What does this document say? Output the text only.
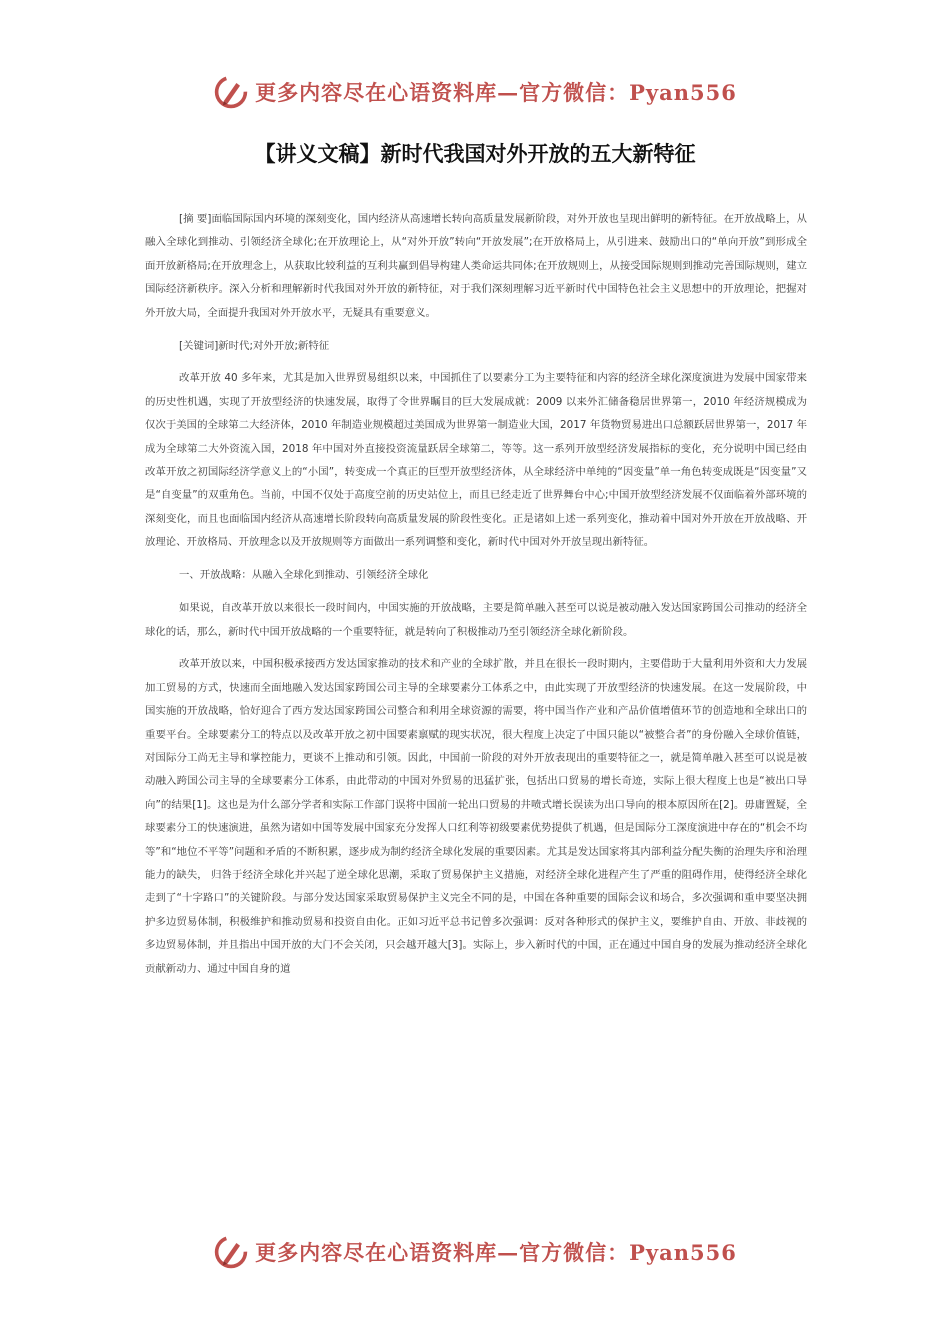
更多内容尽在心语资料库—官方微信：Pyan556
【讲义文稿】新时代我国对外开放的五大新特征

[摘 要]面临国际国内环境的深刻变化，国内经济从高速增长转向高质量发展新阶段，对外开放也呈现出鲜明的新特征。在开放战略上，从融入全球化到推动、引领经济全球化;在开放理论上，从“对外开放”转向“开放发展”;在开放格局上，从引进来、鼓励出口的“单向开放”到形成全面开放新格局;在开放理念上，从获取比较利益的互利共赢到倡导构建人类命运共同体;在开放规则上，从接受国际规则到推动完善国际规则，建立国际经济新秩序。深入分析和理解新时代我国对外开放的新特征，对于我们深刻理解习近平新时代中国特色社会主义思想中的开放理论，把握对外开放大局，全面提升我国对外开放水平，无疑具有重要意义。

[关键词]新时代;对外开放;新特征

改革开放 40 多年来，尤其是加入世界贸易组织以来，中国抓住了以要素分工为主要特征和内容的经济全球化深度演进为发展中国家带来的历史性机遇，实现了开放型经济的快速发展，取得了令世界瞩目的巨大发展成就：2009 以来外汇储备稳居世界第一，2010 年经济规模成为仅次于美国的全球第二大经济体，2010 年制造业规模超过美国成为世界第一制造业大国，2017 年货物贸易进出口总额跃居世界第一，2017 年成为全球第二大外资流入国，2018 年中国对外直接投资流量跃居全球第二，等等。这一系列开放型经济发展指标的变化，充分说明中国已经由改革开放之初国际经济学意义上的“小国”，转变成一个真正的巨型开放型经济体，从全球经济中单纯的“因变量”单一角色转变成既是“因变量”又是“自变量”的双重角色。当前，中国不仅处于高度空前的历史站位上，而且已经走近了世界舞台中心;中国开放型经济发展不仅面临着外部环境的深刻变化，而且也面临国内经济从高速增长阶段转向高质量发展的阶段性变化。正是诸如上述一系列变化，推动着中国对外开放在开放战略、开放理论、开放格局、开放理念以及开放规则等方面做出一系列调整和变化，新时代中国对外开放呈现出新特征。

一、开放战略：从融入全球化到推动、引领经济全球化

如果说，自改革开放以来很长一段时间内，中国实施的开放战略，主要是简单融入甚至可以说是被动融入发达国家跨国公司推动的经济全球化的话，那么，新时代中国开放战略的一个重要特征，就是转向了积极推动乃至引领经济全球化新阶段。

改革开放以来，中国积极承接西方发达国家推动的技术和产业的全球扩散，并且在很长一段时期内，主要借助于大量利用外资和大力发展加工贸易的方式，快速而全面地融入发达国家跨国公司主导的全球要素分工体系之中，由此实现了开放型经济的快速发展。在这一发展阶段，中国实施的开放战略，恰好迎合了西方发达国家跨国公司整合和利用全球资源的需要，将中国当作产业和产品价值增值环节的创造地和全球出口的重要平台。全球要素分工的特点以及改革开放之初中国要素禀赋的现实状况，很大程度上决定了中国只能以“被整合者”的身份融入全球价值链，对国际分工尚无主导和掌控能力，更谈不上推动和引领。因此，中国前一阶段的对外开放表现出的重要特征之一，就是简单融入甚至可以说是被动融入跨国公司主导的全球要素分工体系，由此带动的中国对外贸易的迅猛扩张，包括出口贸易的增长奇迹，实际上很大程度上也是“被出口导向”的结果[1]。这也是为什么部分学者和实际工作部门误将中国前一轮出口贸易的井喷式增长误读为出口导向的根本原因所在[2]。毋庸置疑，全球要素分工的快速演进，虽然为诸如中国等发展中国家充分发挥人口红利等初级要素优势提供了机遇，但是国际分工深度演进中存在的“机会不均等”和“地位不平等”问题和矛盾的不断积累，逐步成为制约经济全球化发展的重要因素。尤其是发达国家将其内部利益分配失衡的治理失序和治理能力的缺失， 归咎于经济全球化并兴起了逆全球化思潮，采取了贸易保护主义措施，对经济全球化进程产生了严重的阻碍作用，使得经济全球化走到了“十字路口”的关键阶段。与部分发达国家采取贸易保护主义完全不同的是，中国在各种重要的国际会议和场合，多次强调和重申要坚决拥护多边贸易体制，积极维护和推动贸易和投资自由化。正如习近平总书记曾多次强调：反对各种形式的保护主义，要维护自由、开放、非歧视的多边贸易体制，并且指出中国开放的大门不会关闭，只会越开越大[3]。实际上，步入新时代的中国，正在通过中国自身的发展为推动经济全球化贡献新动力、通过中国自身的道

更多内容尽在心语资料库—官方微信：Pyan556
